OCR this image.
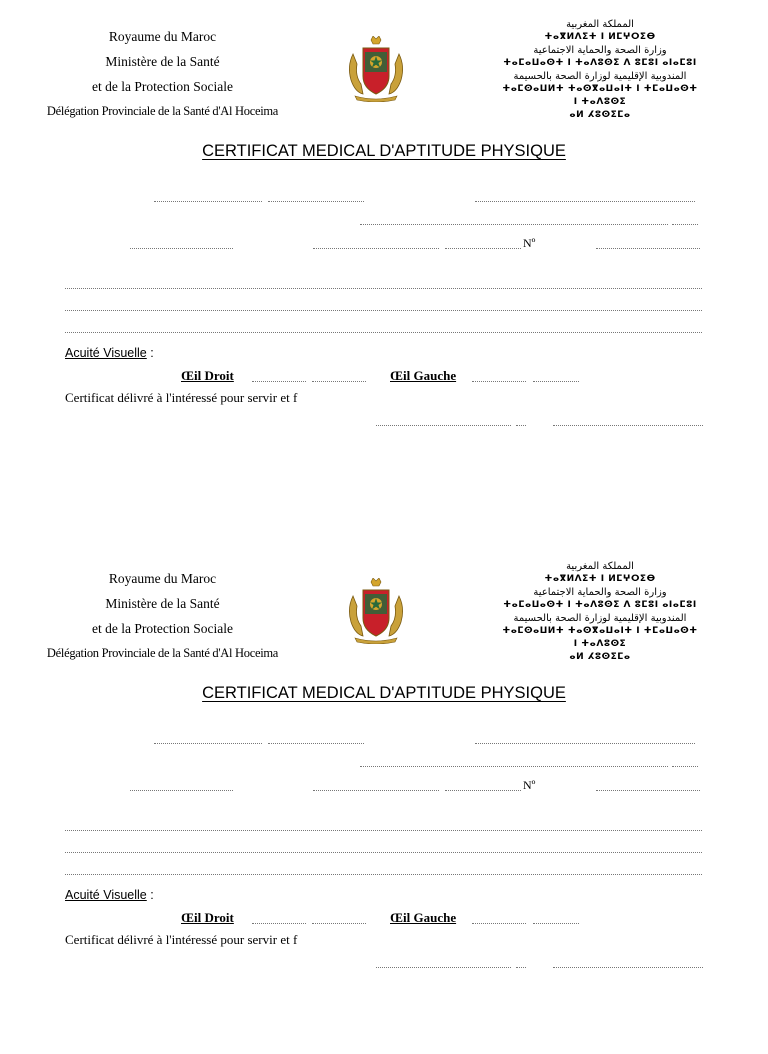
Royaume du Maroc
Ministère de la Santé
et de la Protection Sociale
Délégation Provinciale de la Santé d'Al Hoceima
المملكة المغربية
ⵜⴰⴳⵍⴷⵉⵜ ⵏ ⵍⵎⵖⵔⵉⴱ
وزارة الصحة والحماية الاجتماعية
ⵜⴰⵎⴰⵡⴰⵙⵜ ⵏ ⵜⴰⴷⵓⵙⵉ ⴷ ⵓⵎⵓⵏ ⴰⵏⴰⵎⵓⵏ
المندوبية الإقليمية لوزارة الصحة بالحسيمة
ⵜⴰⵎⵙⴰⵡⵍⵜ ⵜⴰⵙⴳⴰⵡⴰⵏⵜ ⵏ ⵜⵎⴰⵡⴰⵙⵜ ⵏ ⵜⴰⴷⵓⵙⵉ
ⴰⵍ ⵃⵓⵙⵉⵎⴰ
CERTIFICAT MEDICAL D'APTITUDE PHYSIQUE
Nº
Acuité Visuelle :
Œil Droit	Œil Gauche
Certificat délivré à l'intéressé pour servir et f
Royaume du Maroc
Ministère de la Santé
et de la Protection Sociale
Délégation Provinciale de la Santé d'Al Hoceima
المملكة المغربية
ⵜⴰⴳⵍⴷⵉⵜ ⵏ ⵍⵎⵖⵔⵉⴱ
وزارة الصحة والحماية الاجتماعية
ⵜⴰⵎⴰⵡⴰⵙⵜ ⵏ ⵜⴰⴷⵓⵙⵉ ⴷ ⵓⵎⵓⵏ ⴰⵏⴰⵎⵓⵏ
المندوبية الإقليمية لوزارة الصحة بالحسيمة
ⵜⴰⵎⵙⴰⵡⵍⵜ ⵜⴰⵙⴳⴰⵡⴰⵏⵜ ⵏ ⵜⵎⴰⵡⴰⵙⵜ ⵏ ⵜⴰⴷⵓⵙⵉ
ⴰⵍ ⵃⵓⵙⵉⵎⴰ
CERTIFICAT MEDICAL D'APTITUDE PHYSIQUE
Nº
Acuité Visuelle :
Œil Droit	Œil Gauche
Certificat délivré à l'intéressé pour servir et f
